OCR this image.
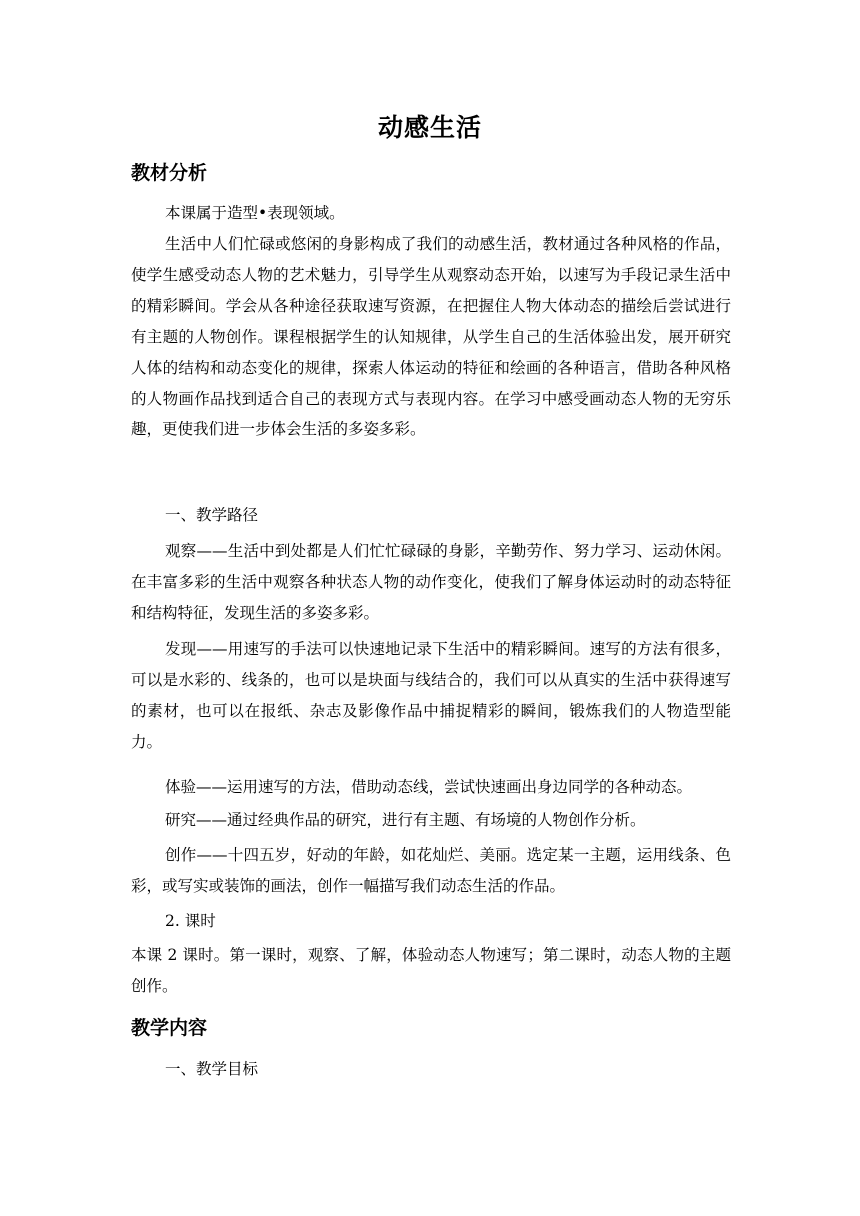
动感生活
教材分析
本课属于造型•表现领域。
生活中人们忙碌或悠闲的身影构成了我们的动感生活，教材通过各种风格的作品，使学生感受动态人物的艺术魅力，引导学生从观察动态开始，以速写为手段记录生活中的精彩瞬间。学会从各种途径获取速写资源，在把握住人物大体动态的描绘后尝试进行有主题的人物创作。课程根据学生的认知规律，从学生自己的生活体验出发，展开研究人体的结构和动态变化的规律，探索人体运动的特征和绘画的各种语言，借助各种风格的人物画作品找到适合自己的表现方式与表现内容。在学习中感受画动态人物的无穷乐趣，更使我们进一步体会生活的多姿多彩。
一、教学路径
观察——生活中到处都是人们忙忙碌碌的身影，辛勤劳作、努力学习、运动休闲。在丰富多彩的生活中观察各种状态人物的动作变化，使我们了解身体运动时的动态特征和结构特征，发现生活的多姿多彩。
发现——用速写的手法可以快速地记录下生活中的精彩瞬间。速写的方法有很多，可以是水彩的、线条的，也可以是块面与线结合的，我们可以从真实的生活中获得速写的素材，也可以在报纸、杂志及影像作品中捕捉精彩的瞬间，锻炼我们的人物造型能力。
体验——运用速写的方法，借助动态线，尝试快速画出身边同学的各种动态。
研究——通过经典作品的研究，进行有主题、有场境的人物创作分析。
创作——十四五岁，好动的年龄，如花灿烂、美丽。选定某一主题，运用线条、色彩，或写实或装饰的画法，创作一幅描写我们动态生活的作品。
2. 课时
本课 2 课时。第一课时，观察、了解，体验动态人物速写；第二课时，动态人物的主题创作。
教学内容
一、教学目标
